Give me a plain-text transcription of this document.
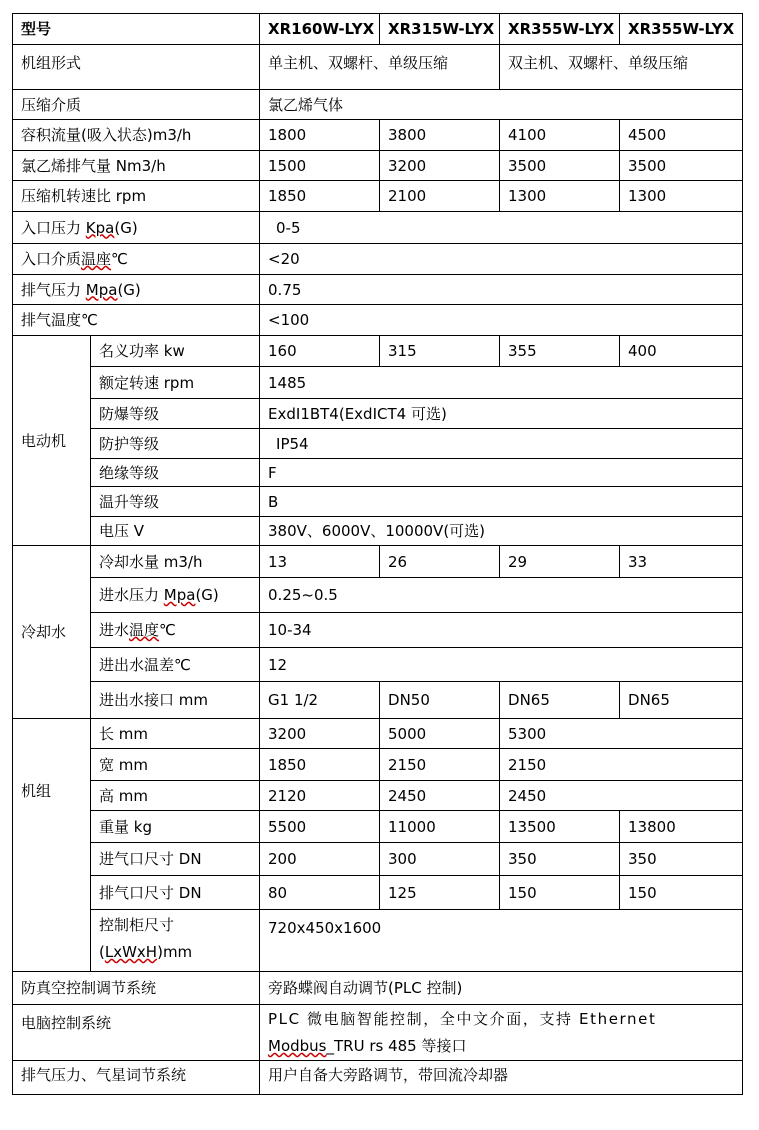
型号		XR160W-LYX	XR315W-LYX	XR355W-LYX	XR355W-LYX
机组形式		单主机、双螺杆、单级压缩		双主机、双螺杆、单级压缩	
压缩介质		氯乙烯气体			
容积流量(吸入状态)m3/h		1800	3800	4100	4500
氯乙烯排气量 Nm3/h		1500	3200	3500	3500
压缩机转速比 rpm		1850	2100	1300	1300
入口压力 Kpa(G)		0-5			
入口介质温座℃		<20			
排气压力 Mpa(G)		0.75			
排气温度℃		<100			
电动机	名义功率 kw	160	315	355	400
	额定转速 rpm	1485			
	防爆等级	ExdI1BT4(ExdICT4 可选)			
	防护等级	IP54			
	绝缘等级	F			
	温升等级	B			
	电压 V	380V、6000V、10000V(可选)			
冷却水	冷却水量 m3/h	13	26	29	33
	进水压力 Mpa(G)	0.25~0.5			
	进水温度℃	10-34			
	进出水温差℃	12			
	进出水接口 mm	G1 1/2	DN50	DN65	DN65
机组	长 mm	3200	5000	5300	
	宽 mm	1850	2150	2150	
	高 mm	2120	2450	2450	
	重量 kg	5500	11000	13500	13800
	进气口尺寸 DN	200	300	350	350
	排气口尺寸 DN	80	125	150	150
	控制柜尺寸
(LxWxH)mm	720x450x1600			
防真空控制调节系统		旁路蝶阀自动调节(PLC 控制)			
电脑控制系统		PLC 微电脑智能控制，全中文介面，支持 Ethernet
Modbus_TRU rs 485 等接口			

排气压力、气星词节系统		用户自备大旁路调节，带回流冷却器			
